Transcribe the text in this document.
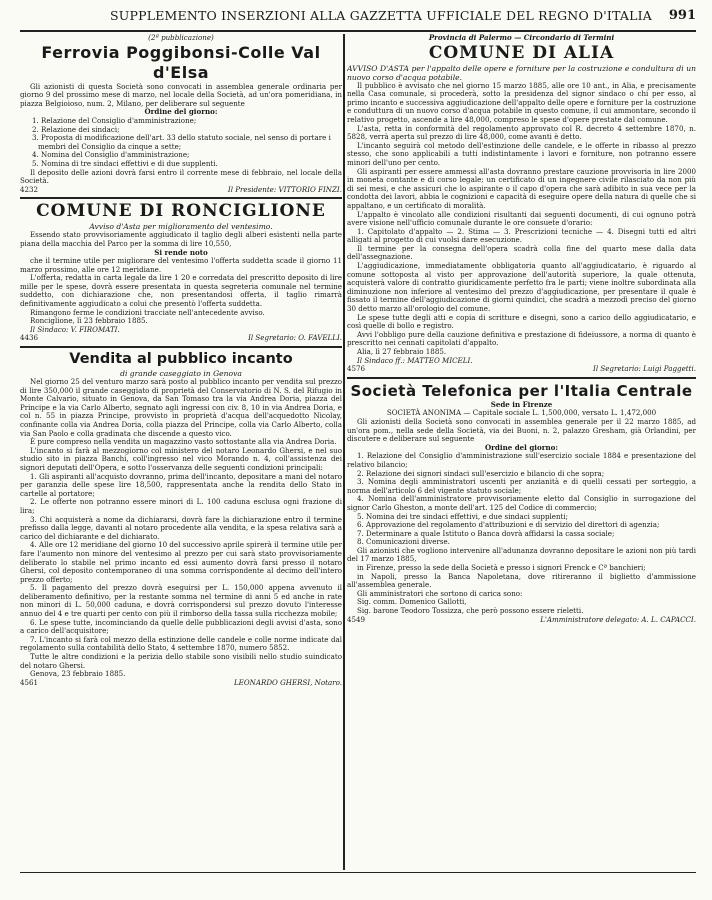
SUPPLEMENTO INSERZIONI ALLA GAZZETTA UFFICIALE DEL REGNO D'ITALIA 991

(2ª pubblicazione)

Ferrovia Poggibonsi-Colle Val d'Elsa

Gli azionisti di questa Società sono convocati in assemblea generale ordinaria per giorno 9 del prossimo mese di marzo, nel locale della Società, ad un'ora pomeridiana, in piazza Belgioioso, num. 2, Milano, per deliberare sul seguente

Ordine del giorno:

1. Relazione del Consiglio d'amministrazione;
2. Relazione dei sindaci;
3. Proposta di modificazione dell'art. 33 dello statuto sociale, nel senso di portare i membri del Consiglio da cinque a sette;
4. Nomina del Consiglio d'amministrazione;
5. Nomina di tre sindaci effettivi e di due supplenti.

Il deposito delle azioni dovrà farsi entro il corrente mese di febbraio, nel locale della Società.

4232	Il Presidente: VITTORIO FINZI.

COMUNE DI RONCIGLIONE

Avviso d'Asta per miglioramento del ventesimo.

Essendo stato provvisoriamente aggiudicato il taglio degli alberi esistenti nella parte piana della macchia del Parco per la somma di lire 10,550,

Si rende noto

che il termine utile per migliorare del ventesimo l'offerta suddetta scade il giorno 11 marzo prossimo, alle ore 12 meridiane.

L'offerta, redatta in carta legale da lire 1 20 e corredata del prescritto deposito di lire mille per le spese, dovrà essere presentata in questa segreteria comunale nel termine suddetto, con dichiarazione che, non presentandosi offerta, il taglio rimarrà definitivamente aggiudicato a colui che presentò l'offerta suddetta.

Rimangono ferme le condizioni tracciate nell'antecedente avviso.

Ronciglione, lì 23 febbraio 1885.

Il Sindaco: V. FIROMATI.

4436	Il Segretario: O. FAVELLI.

Vendita al pubblico incanto

di grande caseggiato in Genova

Nel giorno 25 del venturo marzo sarà posto al pubblico incanto per vendita sul prezzo di lire 350,000 il grande caseggiato di proprietà del Conservatorio di N. S. del Rifugio in Monte Calvario, situato in Genova, da San Tomaso tra la via Andrea Doria, piazza del Principe e la via Carlo Alberto, segnato agli ingressi con civ. 8, 10 in via Andrea Doria, e col n. 55 in piazza Principe, provvisto in proprietà d'acqua dell'acquedotto Nicolay, confinante colla via Andrea Doria, colla piazza del Principe, colla via Carlo Alberto, colla via San Paolo e colla gradinata che discende a questo vico.

È pure compreso nella vendita un magazzino vasto sottostante alla via Andrea Doria.

L'incanto si farà al mezzogiorno col ministero del notaro Leonardo Ghersi, e nel suo studio sito in piazza Banchi, coll'ingresso nel vico Morando n. 4, coll'assistenza dei signori deputati dell'Opera, e sotto l'osservanza delle seguenti condizioni principali:

1. Gli aspiranti all'acquisto dovranno, prima dell'incanto, depositare a mani del notaro per garanzia delle spese lire 18,500, rappresentata anche la rendita dello Stato in cartelle al portatore;

2. Le offerte non potranno essere minori di L. 100 caduna esclusa ogni frazione di lira;

3. Chi acquisterà a nome da dichiararsi, dovrà fare la dichiarazione entro il termine prefisso dalla legge, davanti al notaro procedente alla vendita, e la spesa relativa sarà a carico del dichiarante e del dichiarato.

4. Alle ore 12 meridiane del giorno 10 del successivo aprile spirerà il termine utile per fare l'aumento non minore del ventesimo al prezzo per cui sarà stato provvisoriamente deliberato lo stabile nel primo incanto ed essi aumento dovrà farsi presso il notaro Ghersi, col deposito contemporaneo di una somma corrispondente al decimo dell'intero prezzo offerto;

5. Il pagamento del prezzo dovrà eseguirsi per L. 150,000 appena avvenuto il deliberamento definitivo, per la restante somma nel termine di anni 5 ed anche in rate non minori di L. 50,000 caduna, e dovrà corrispondersi sul prezzo dovuto l'interesse annuo del 4 e tre quarti per cento con più il rimborso della tassa sulla ricchezza mobile;

6. Le spese tutte, incominciando da quelle delle pubblicazioni degli avvisi d'asta, sono a carico dell'acquisitore;

7. L'incanto si farà col mezzo della estinzione delle candele e colle norme indicate dal regolamento sulla contabilità dello Stato, 4 settembre 1870, numero 5852.

Tutte le altre condizioni e la perizia dello stabile sono visibili nello studio suindicato del notaro Ghersi.

Genova, 23 febbraio 1885.

4561	LEONARDO GHERSI, Notaro.

Provincia di Palermo — Circondario di Termini

COMUNE DI ALIA

AVVISO D'ASTA per l'appalto delle opere e forniture per la costruzione e condultura di un nuovo corso d'acqua potabile.

Il pubblico è avvisato che nel giorno 15 marzo 1885, alle ore 10 ant., in Alia, e precisamente nella Casa comunale, si procederà, sotto la presidenza del signor sindaco o chi per esso, al primo incanto e successiva aggiudicazione dell'appalto delle opere e forniture per la costruzione e conduttura di un nuovo corso d'acqua potabile in questo comune, il cui ammontare, secondo il relativo progetto, ascende a lire 48,000, compreso le spese d'opere prestate dal comune.

L'asta, retta in conformità del regolamento approvato col R. decreto 4 settembre 1870, n. 5828, verrà aperta sul prezzo di lire 48,000, come avanti è detto.

L'incanto seguirà col metodo dell'estinzione delle candele, e le offerte in ribasso al prezzo stesso, che sono applicabili a tutti indistintamente i lavori e forniture, non potranno essere minori dell'uno per cento.

Gli aspiranti per essere ammessi all'asta dovranno prestare cauzione provvisoria in lire 2000 in moneta contante e di corso legale; un certificato di un ingegnere civile rilasciato da non più di sei mesi, e che assicuri che lo aspirante o il capo d'opera che sarà adibito in sua vece per la condotta dei lavori, abbia le cognizioni e capacità di eseguire opere della natura di quelle che si appaltano, e un certificato di moralità.

L'appalto è vincolato alle condizioni risultanti dai seguenti documenti, di cui ognuno potrà avere visione nell'ufficio comunale durante le ore consuete d'orario:

1. Capitolato d'appalto — 2. Stima — 3. Prescrizioni tecniche — 4. Disegni tutti ed altri alligati al progetto di cui vuolsi dare esecuzione.

Il termine per la consegna dell'opera scadrà colla fine del quarto mese dalla data dell'assegnazione.

L'aggiudicazione, immediatamente obbligatoria quanto all'aggiudicatario, è riguardo al comune sottoposta al visto per approvazione dell'autorità superiore, la quale ottenuta, acquisterà valore di contratto giuridicamente perfetto fra le parti; viene inoltre subordinata alla diminuzione non inferiore al ventesimo del prezzo d'aggiudicazione, per presentare il quale è fissato il termine dell'aggiudicazione di giorni quindici, che scadrà a mezzodì preciso del giorno 30 detto marzo all'orologio del comune.

Le spese tutte degli atti e copia di scritture e disegni, sono a carico dello aggiudicatario, e così quelle di bollo e registro.

Avvi l'obbligo pure della cauzione definitiva e prestazione di fideiussore, a norma di quanto è prescritto nei cennati capitolati d'appalto.

Alia, lì 27 febbraio 1885.

Il Sindaco ff.: MATTEO MICELI.

4576	Il Segretario: Luigi Paggetti.

Società Telefonica per l'Italia Centrale

Sede in Firenze

SOCIETÀ ANONIMA — Capitale sociale L. 1,500,000, versato L. 1,472,000

Gli azionisti della Società sono convocati in assemblea generale per il 22 marzo 1885, ad un'ora pom., nella sede della Società, via dei Buoni, n. 2, palazzo Gresham, già Orlandini, per discutere e deliberare sul seguente

Ordine del giorno:

1. Relazione del Consiglio d'amministrazione sull'esercizio sociale 1884 e presentazione del relativo bilancio;

2. Relazione dei signori sindaci sull'esercizio e bilancio di che sopra;

3. Nomina degli amministratori uscenti per anzianità e di quelli cessati per sorteggio, a norma dell'articolo 6 del vigente statuto sociale;

4. Nomina dell'amministratore provvisoriamente eletto dal Consiglio in surrogazione del signor Carlo Gheston, a monte dell'art. 125 del Codice di commercio;

5. Nomina dei tre sindaci effettivi, e due sindaci supplenti;

6. Approvazione del regolamento d'attribuzioni e di servizio del direttori di agenzia;

7. Determinare a quale Istituto o Banca dovrà affidarsi la cassa sociale;

8. Comunicazioni diverse.

Gli azionisti che vogliono intervenire all'adunanza dovranno depositare le azioni non più tardi del 17 marzo 1885,

in Firenze, presso la sede della Società e presso i signori Frenck e Cª banchieri;

in Napoli, presso la Banca Napoletana, dove ritireranno il biglietto d'ammissione all'assemblea generale.

Gli amministratori che sortono di carica sono:

Sig. comm. Domenico Gallotti,

Sig. barone Teodoro Tossizza, che però possono essere rieletti.

4549	L'Amministratore delegato: A. L. CAPACCI.
